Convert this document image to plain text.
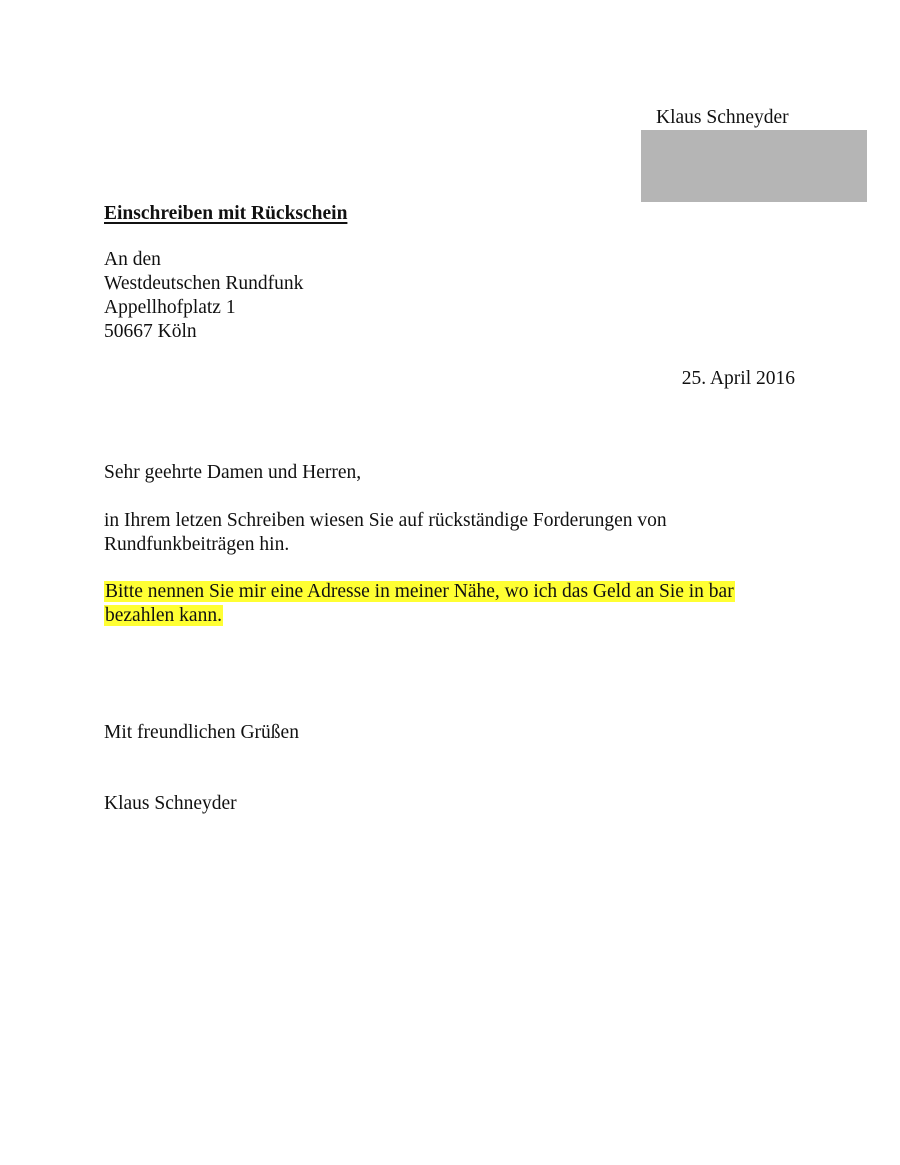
Klaus Schneyder
Einschreiben mit Rückschein
An den
Westdeutschen Rundfunk
Appellhofplatz 1
50667 Köln
25. April 2016
Sehr geehrte Damen und Herren,
in Ihrem letzen Schreiben wiesen Sie auf rückständige Forderungen von
Rundfunkbeiträgen hin.
Bitte nennen Sie mir eine Adresse in meiner Nähe, wo ich das Geld an Sie in bar
bezahlen kann.
Mit freundlichen Grüßen
Klaus Schneyder
